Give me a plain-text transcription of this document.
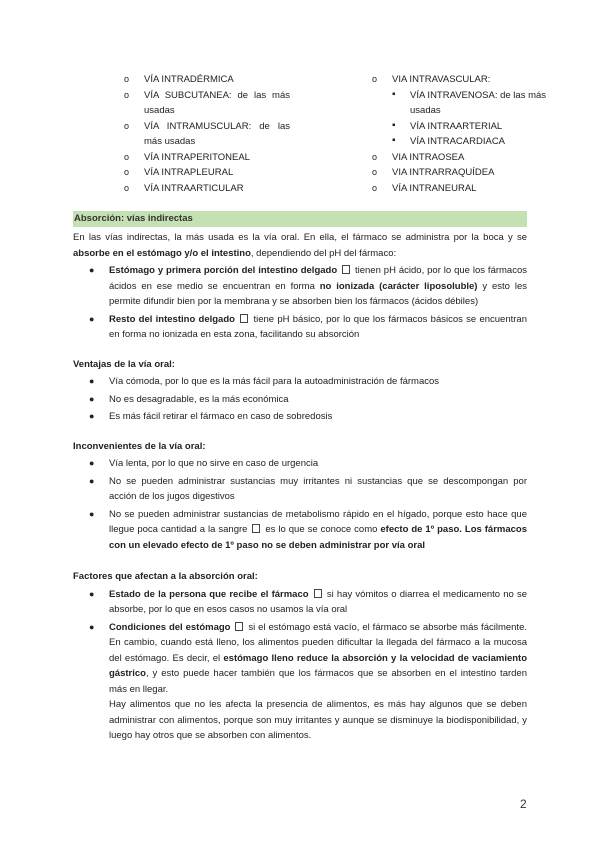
o VÍA INTRADÉRMICA
o VÍA SUBCUTANEA: de las más usadas
o VÍA INTRAMUSCULAR: de las más usadas
o VÍA INTRAPERITONEAL
o VÍA INTRAPLEURAL
o VÍA INTRAARTICULAR
o VIA INTRAVASCULAR:
▪ VÍA INTRAVENOSA: de las más usadas
▪ VÍA INTRAARTERIAL
▪ VÍA INTRACARDIACA
o VIA INTRAOSEA
o VIA INTRARRAQUÍDEA
o VÍA INTRANEURAL
Absorción: vías indirectas
En las vías indirectas, la más usada es la vía oral. En ella, el fármaco se administra por la boca y se absorbe en el estómago y/o el intestino, dependiendo del pH del fármaco:
● Estómago y primera porción del intestino delgado  tienen pH ácido, por lo que los fármacos ácidos en ese medio se encuentran en forma no ionizada (carácter liposoluble) y esto les permite difundir bien por la membrana y se absorben bien los fármacos (ácidos débiles)
● Resto del intestino delgado  tiene pH básico, por lo que los fármacos básicos se encuentran en forma no ionizada en esta zona, facilitando su absorción
Ventajas de la vía oral:
● Vía cómoda, por lo que es la más fácil para la autoadministración de fármacos
● No es desagradable, es la más económica
● Es más fácil retirar el fármaco en caso de sobredosis
Inconvenientes de la vía oral:
● Vía lenta, por lo que no sirve en caso de urgencia
● No se pueden administrar sustancias muy irritantes ni sustancias que se descompongan por acción de los jugos digestivos
● No se pueden administrar sustancias de metabolismo rápido en el hígado, porque esto hace que llegue poca cantidad a la sangre  es lo que se conoce como efecto de 1º paso. Los fármacos con un elevado efecto de 1º paso no se deben administrar por vía oral
Factores que afectan a la absorción oral:
● Estado de la persona que recibe el fármaco  si hay vómitos o diarrea el medicamento no se absorbe, por lo que en esos casos no usamos la vía oral
● Condiciones del estómago  si el estómago está vacío, el fármaco se absorbe más fácilmente. En cambio, cuando está lleno, los alimentos pueden dificultar la llegada del fármaco a la mucosa del estómago. Es decir, el estómago lleno reduce la absorción y la velocidad de vaciamiento gástrico, y esto puede hacer también que los fármacos que se absorben en el intestino tarden más en llegar.
Hay alimentos que no les afecta la presencia de alimentos, es más hay algunos que se deben administrar con alimentos, porque son muy irritantes y aunque se disminuye la biodisponibilidad, y luego hay otros que se absorben con alimentos.
2
